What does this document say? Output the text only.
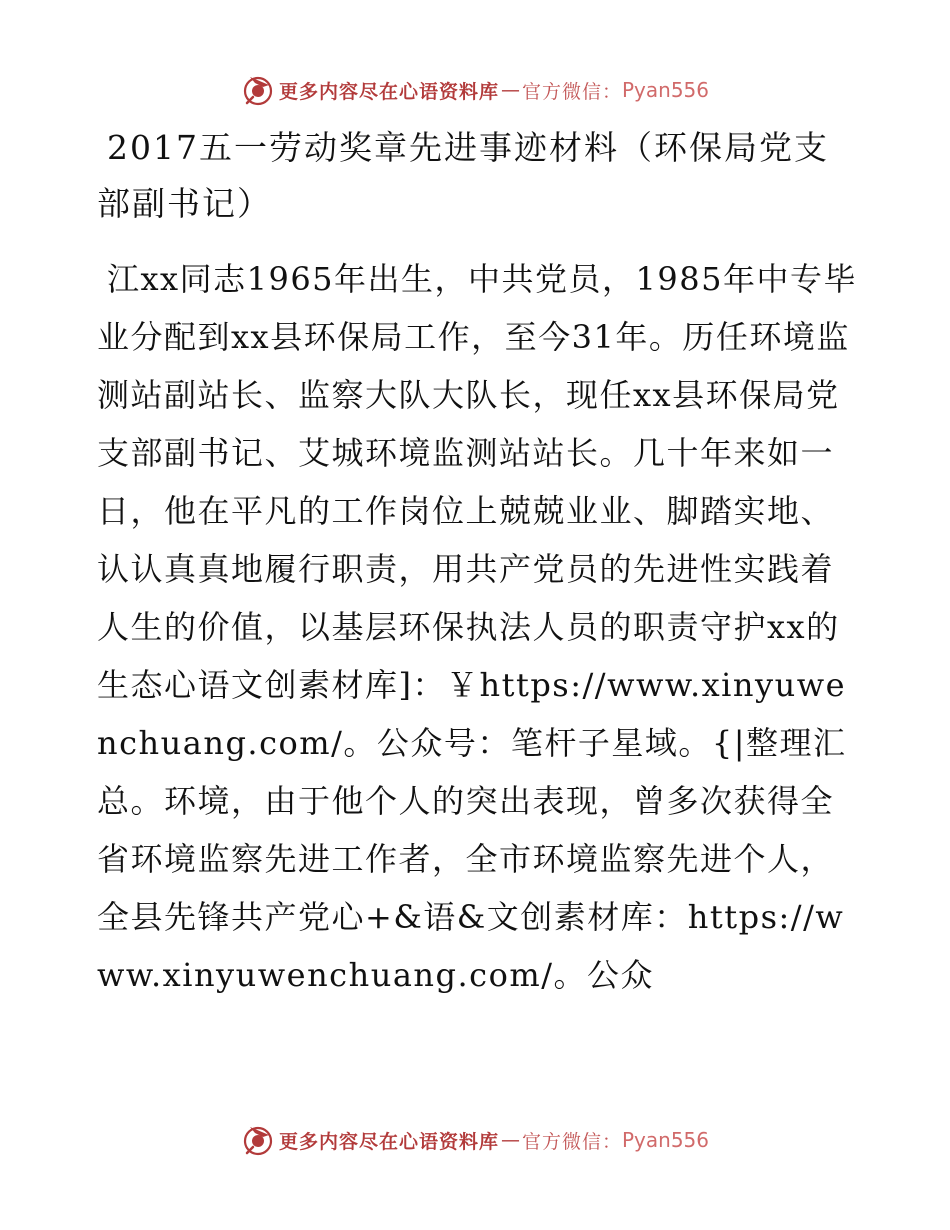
更多内容尽在心语资料库 — 官方微信： Pyan556
2017五一劳动奖章先进事迹材料（环保局党支部副书记）

江xx同志1965年出生，中共党员，1985年中专毕业分配到xx县环保局工作，至今31年。历任环境监测站副站长、监察大队大队长，现任xx县环保局党支部副书记、艾城环境监测站站长。几十年来如一日，他在平凡的工作岗位上兢兢业业、脚踏实地、认认真真地履行职责，用共产党员的先进性实践着人生的价值，以基层环保执法人员的职责守护xx的生态心语文创素材库]：￥https://www.xinyuwenchuang.com/。公众号：笔杆子星域。{|整理汇总。环境，由于他个人的突出表现，曾多次获得全省环境监察先进工作者，全市环境监察先进个人，全县先锋共产党心+&语&文创素材库：https://www.xinyuwenchuang.com/。公众

更多内容尽在心语资料库 — 官方微信： Pyan556
